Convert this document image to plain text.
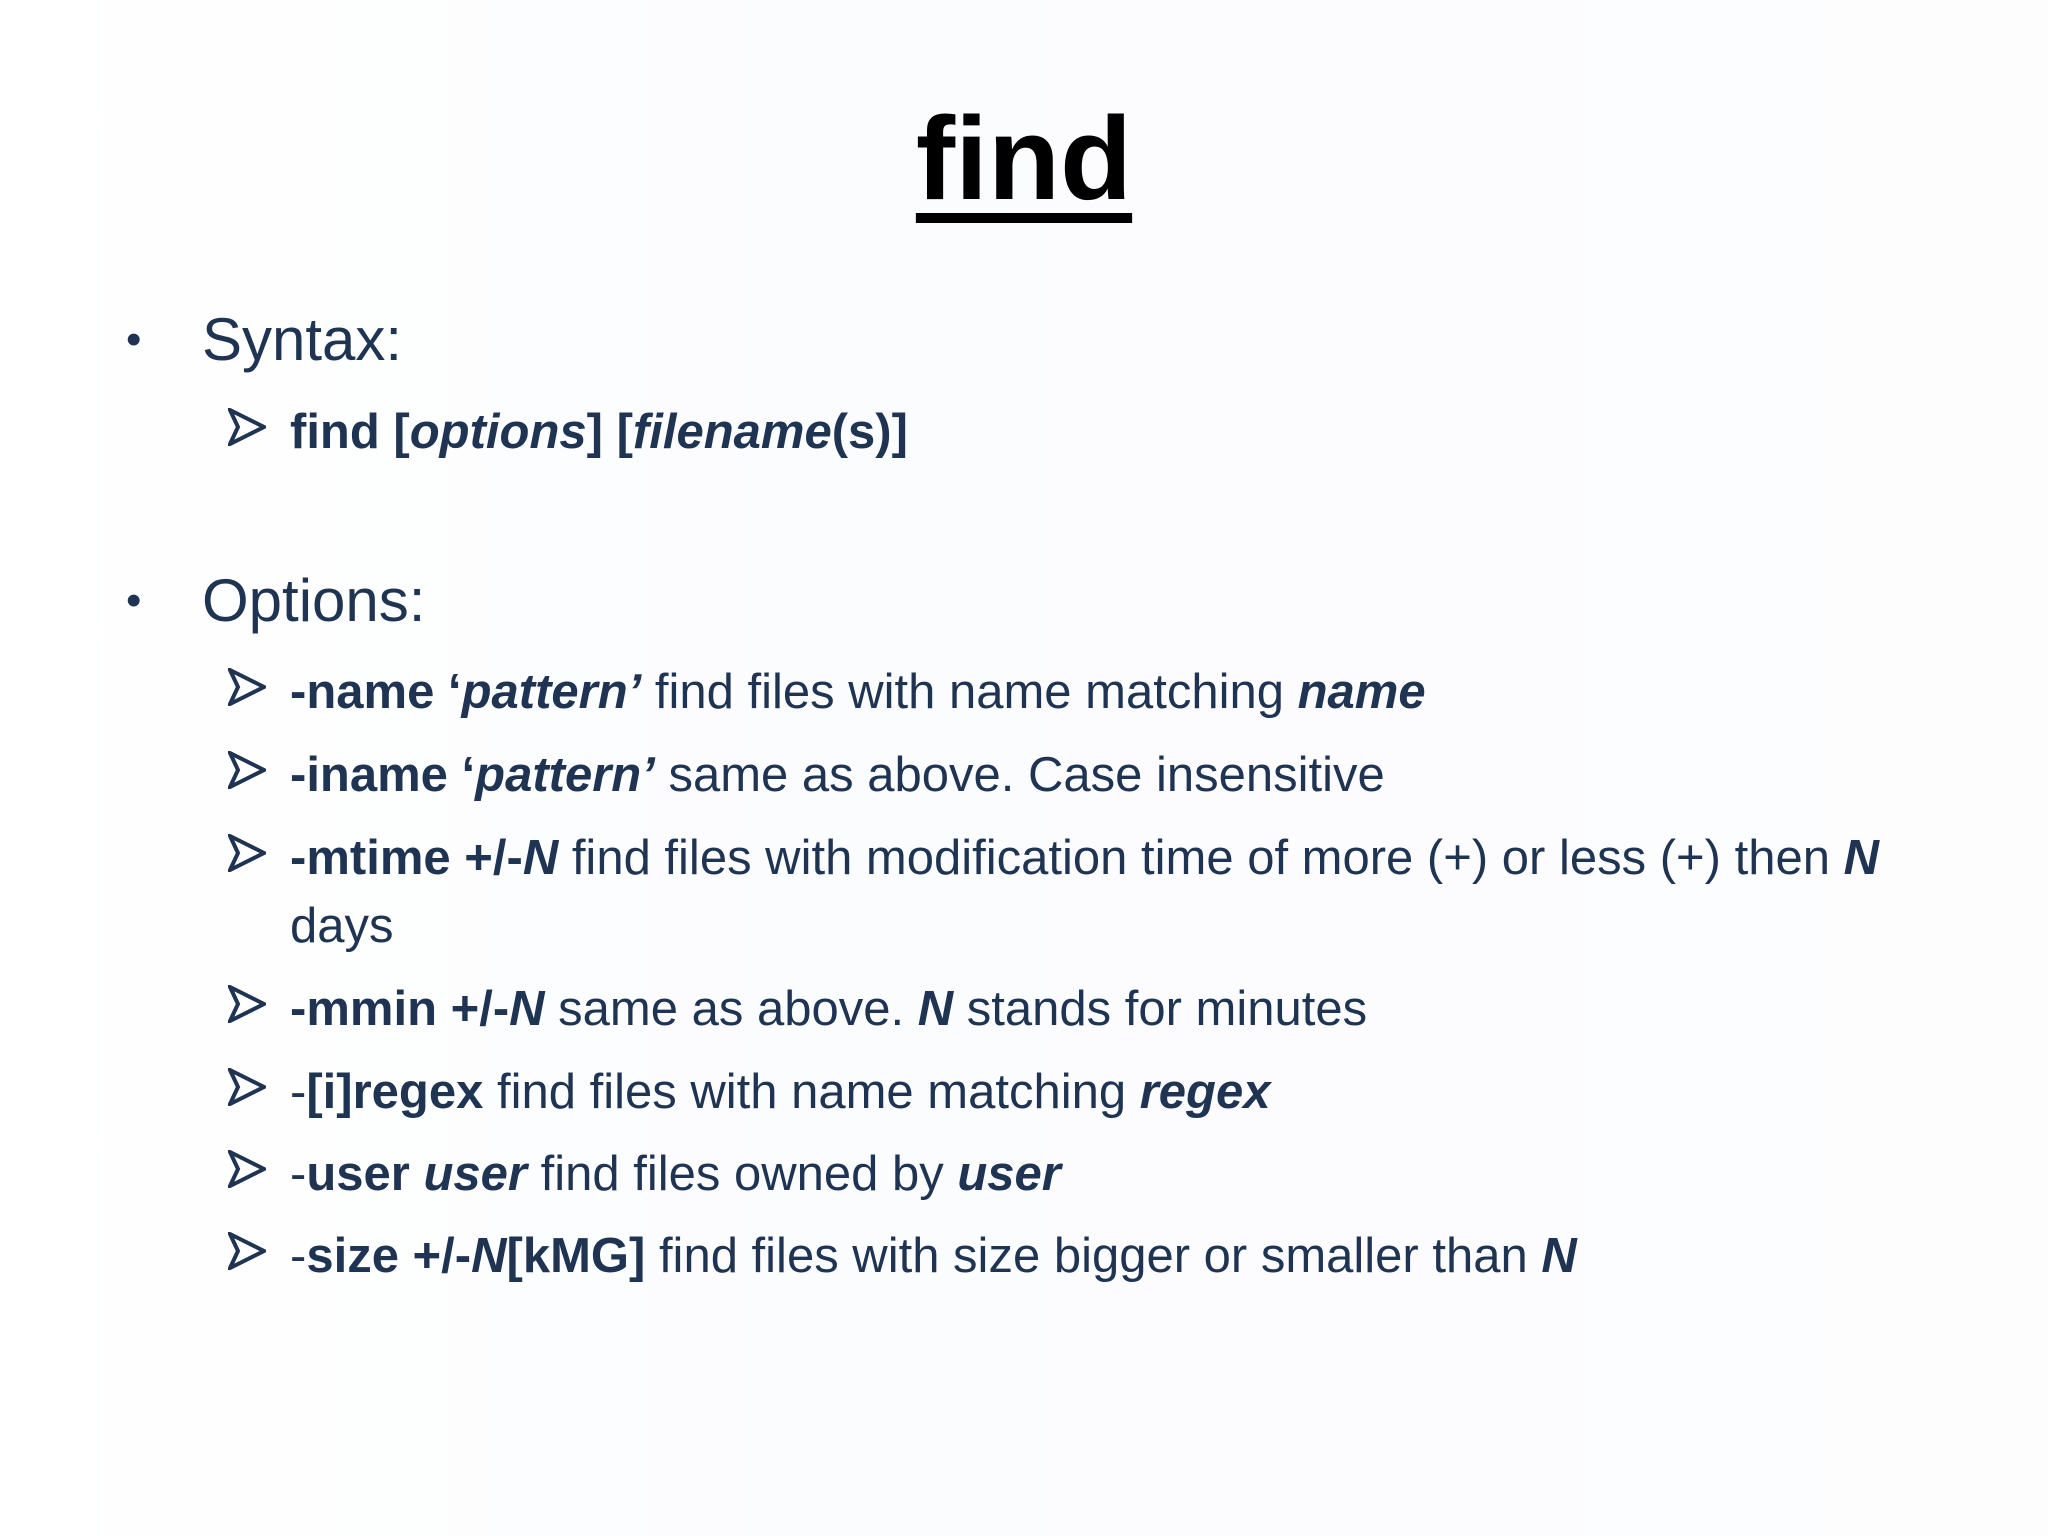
find
•	Syntax:
find [options] [filename(s)]
•	Options:
-name ‘pattern’ find files with name matching name
-iname ‘pattern’ same as above. Case insensitive
-mtime +/-N find files with modification time of more (+) or less (+) then N days
-mmin +/-N same as above. N stands for minutes
-[i]regex find files with name matching regex
-user user find files owned by user
-size +/-N[kMG] find files with size bigger or smaller than N
